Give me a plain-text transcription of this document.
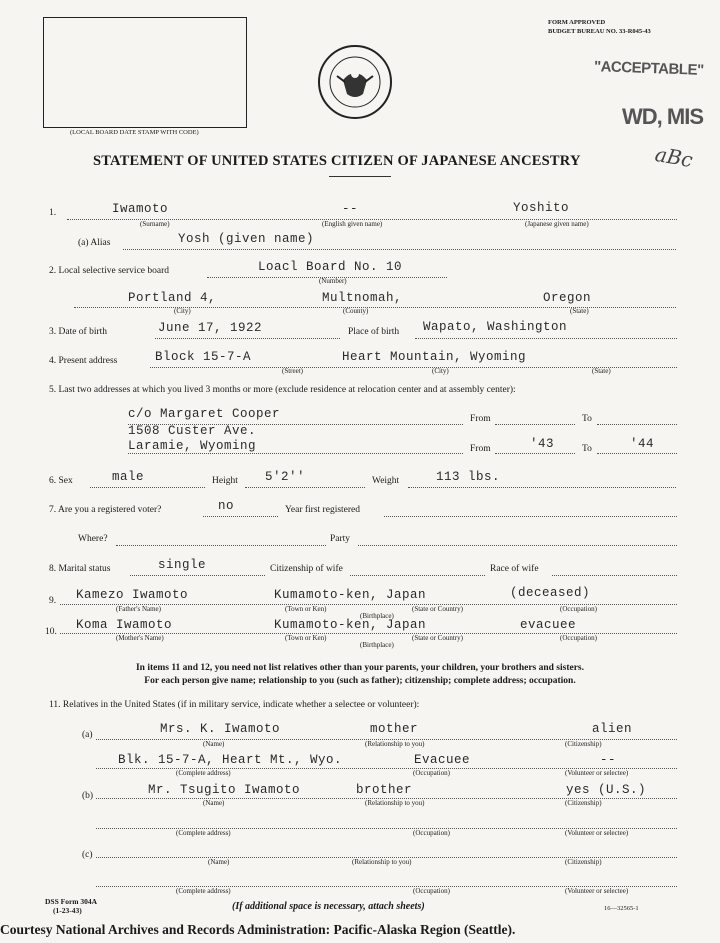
(LOCAL BOARD DATE STAMP WITH CODE)
FORM APPROVED
BUDGET BUREAU NO. 33-R045-43
"ACCEPTABLE"
WD, MIS
STATEMENT OF UNITED STATES CITIZEN OF JAPANESE ANCESTRY	aBc
1.	Iwamoto	--	Yoshito
(Surname)	(English given name)	(Japanese given name)
(a) Alias	Yosh (given name)
2. Local selective service board	Loacl Board No. 10
(Number)
Portland 4,	Multnomah,	Oregon
(City)	(County)	(State)
3. Date of birth	June 17, 1922	Place of birth Wapato, Washington
4. Present address	Block 15-7-A	Heart Mountain, Wyoming
(Street)	(City)	(State)
5. Last two addresses at which you lived 3 months or more (exclude residence at relocation center and at assembly center):
c/o Margaret Cooper	From	To
1508 Custer Ave.
Laramie, Wyoming	From	'43	To	'44
6. Sex	male	Height 5'2''	Weight	113 lbs.
7. Are you a registered voter?	no	Year first registered
Where?	Party
8. Marital status	single	Citizenship of wife	Race of wife
9. Kamezo Iwamoto	Kumamoto-ken, Japan	(deceased)
(Father's Name)	(Town or Ken)	(State or Country)	(Occupation)
(Birthplace)
10. Koma Iwamoto	Kumamoto-ken, Japan	evacuee
(Mother's Name)	(Town or Ken)	(State or Country)	(Occupation)
(Birthplace)
In items 11 and 12, you need not list relatives other than your parents, your children, your brothers and sisters.
For each person give name; relationship to you (such as father); citizenship; complete address; occupation.
11. Relatives in the United States (if in military service, indicate whether a selectee or volunteer):
(a)	Mrs. K. Iwamoto	mother	alien
(Name)	(Relationship to you)	(Citizenship)
Blk. 15-7-A, Heart Mt., Wyo.	Evacuee	--
(Complete address)	(Occupation)	(Volunteer or selectee)
(b)	Mr. Tsugito Iwamoto	brother	yes (U.S.)
(Name)	(Relationship to you)	(Citizenship)
(Complete address)	(Occupation)	(Volunteer or selectee)
(c)
(Name)	(Relationship to you)	(Citizenship)
(Complete address)	(Occupation)	(Volunteer or selectee)
DSS Form 304A
(1-23-43)	(If additional space is necessary, attach sheets)	16—32565-1
Courtesy National Archives and Records Administration: Pacific-Alaska Region (Seattle).
